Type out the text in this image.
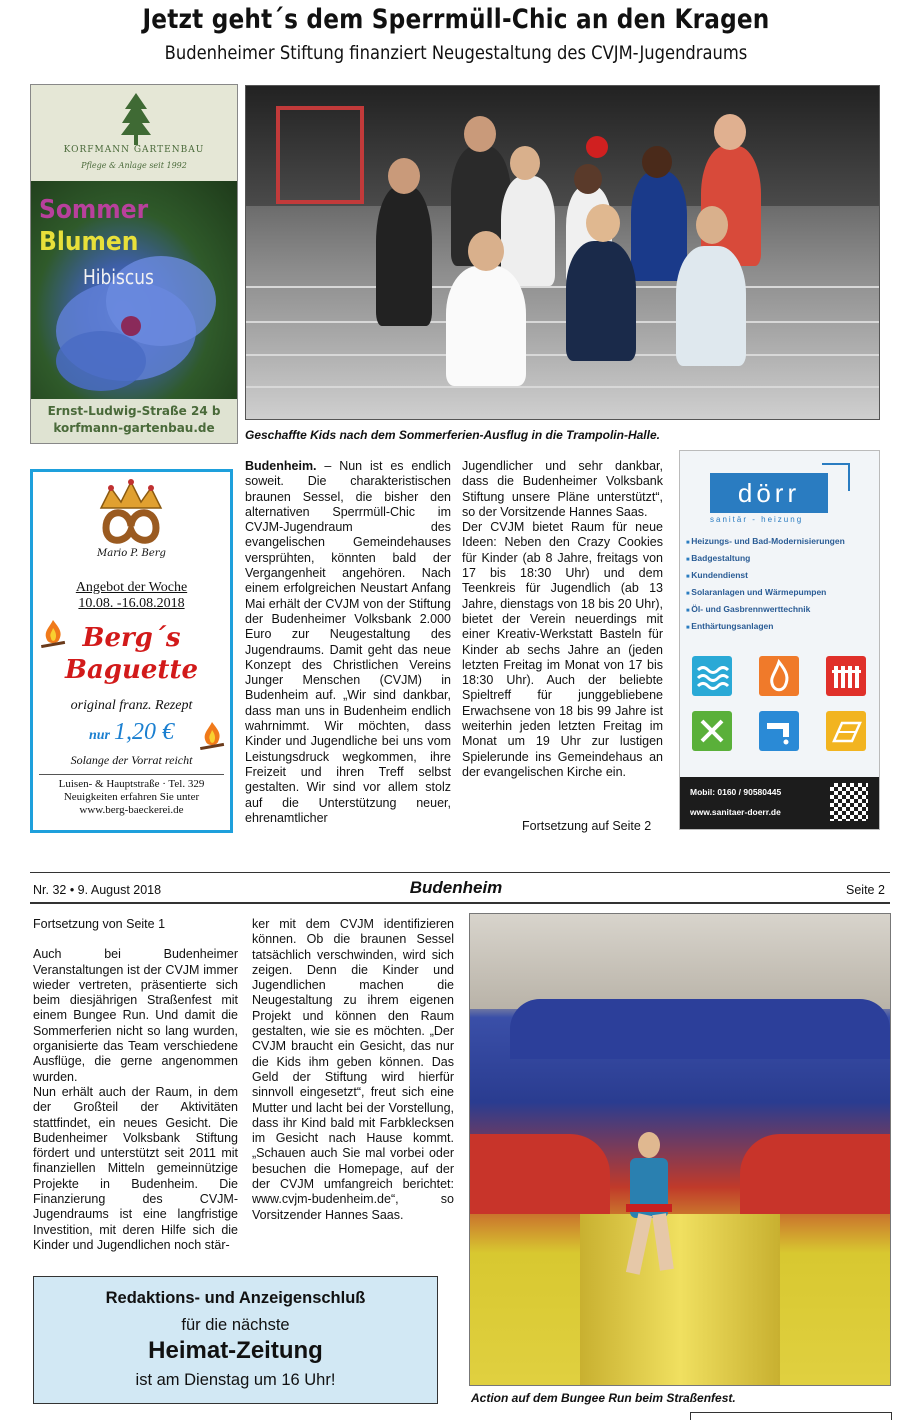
Jetzt geht´s dem Sperrmüll-Chic an den Kragen
Budenheimer Stiftung finanziert Neugestaltung des CVJM-Jugendraums
KORFMANN GARTENBAU
Pflege & Anlage seit 1992
Sommer
Blumen
Hibiscus
Ernst-Ludwig-Straße 24 b
korfmann-gartenbau.de	Geschaffte Kids nach dem Sommerferien-Ausflug in die Trampolin-Halle.
Mario P. Berg
Angebot der Woche
10.08. -16.08.2018
Berg´s
Baguette
original franz. Rezept
nur 1,20 €
Solange der Vorrat reicht
Luisen- & Hauptstraße · Tel. 329
Neuigkeiten erfahren Sie unter
www.berg-baeckerei.de

Budenheim. – Nun ist es endlich soweit. Die charakteristischen braunen Sessel, die bisher den alternativen Sperrmüll-Chic im CVJM-Jugendraum des evangelischen Gemeindehauses versprühten, könnten bald der Vergangenheit angehören. Nach einem erfolgreichen Neustart Anfang Mai erhält der CVJM von der Stiftung der Budenheimer Volksbank 2.000 Euro zur Neugestaltung des Jugendraums. Damit geht das neue Konzept des Christlichen Vereins Junger Menschen (CVJM) in Budenheim auf. „Wir sind dankbar, dass man uns in Budenheim endlich wahrnimmt. Wir möchten, dass Kinder und Jugendliche bei uns vom Leistungsdruck wegkommen, ihre Freizeit und ihren Treff selbst gestalten. Wir sind vor allem stolz auf die Unterstützung neuer, ehrenamtlicher

Jugendlicher und sehr dankbar, dass die Budenheimer Volksbank Stiftung unsere Pläne unterstützt“, so der Vorsitzende Hannes Saas.

Der CVJM bietet Raum für neue Ideen: Neben den Crazy Cookies für Kinder (ab 8 Jahre, freitags von 17 bis 18:30 Uhr) und dem Teenkreis für Jugendlich (ab 13 Jahre, dienstags von 18 bis 20 Uhr), bietet der Verein neuerdings mit einer Kreativ-Werkstatt Basteln für Kinder ab sechs Jahre an (jeden letzten Freitag im Monat von 17 bis 18:30 Uhr). Auch der beliebte Spieltreff für junggebliebene Erwachsene von 18 bis 99 Jahre ist weiterhin jeden letzten Freitag im Monat um 19 Uhr zur lustigen Spielerunde ins Gemeindehaus an der evangelischen Kirche ein.

Fortsetzung auf Seite 2
dörr
sanitär - heizung
■ Heizungs- und Bad-Modernisierungen
■ Badgestaltung
■ Kundendienst
■ Solaranlagen und Wärmepumpen
■ Öl- und Gasbrennwerttechnik
■ Enthärtungsanlagen
Mobil: 0160 / 90580445
www.sanitaer-doerr.de
Nr. 32 • 9. August 2018	Budenheim	Seite 2

Fortsetzung von Seite 1

Auch bei Budenheimer Veranstaltungen ist der CVJM immer wieder vertreten, präsentierte sich beim diesjährigen Straßenfest mit einem Bungee Run. Und damit die Sommerferien nicht so lang wurden, organisierte das Team verschiedene Ausflüge, die gerne angenommen wurden.

Nun erhält auch der Raum, in dem der Großteil der Aktivitäten stattfindet, ein neues Gesicht. Die Budenheimer Volksbank Stiftung fördert und unterstützt seit 2011 mit finanziellen Mitteln gemeinnützige Projekte in Budenheim. Die Finanzierung des CVJM-Jugendraums ist eine langfristige Investition, mit deren Hilfe sich die Kinder und Jugendlichen noch stär-

ker mit dem CVJM identifizieren können. Ob die braunen Sessel tatsächlich verschwinden, wird sich zeigen. Denn die Kinder und Jugendlichen machen die Neugestaltung zu ihrem eigenen Projekt und können den Raum gestalten, wie sie es möchten. „Der CVJM braucht ein Gesicht, das nur die Kids ihm geben können. Das Geld der Stiftung wird hierfür sinnvoll eingesetzt“, freut sich eine Mutter und lacht bei der Vorstellung, dass ihr Kind bald mit Farbklecksen im Gesicht nach Hause kommt. „Schauen auch Sie mal vorbei oder besuchen die Homepage, auf der der CVJM umfangreich berichtet: www.cvjm-budenheim.de“, so Vorsitzender Hannes Saas.

Action auf dem Bungee Run beim Straßenfest.
Redaktions- und Anzeigenschluß
für die nächste
Heimat-Zeitung
ist am Dienstag um 16 Uhr!
